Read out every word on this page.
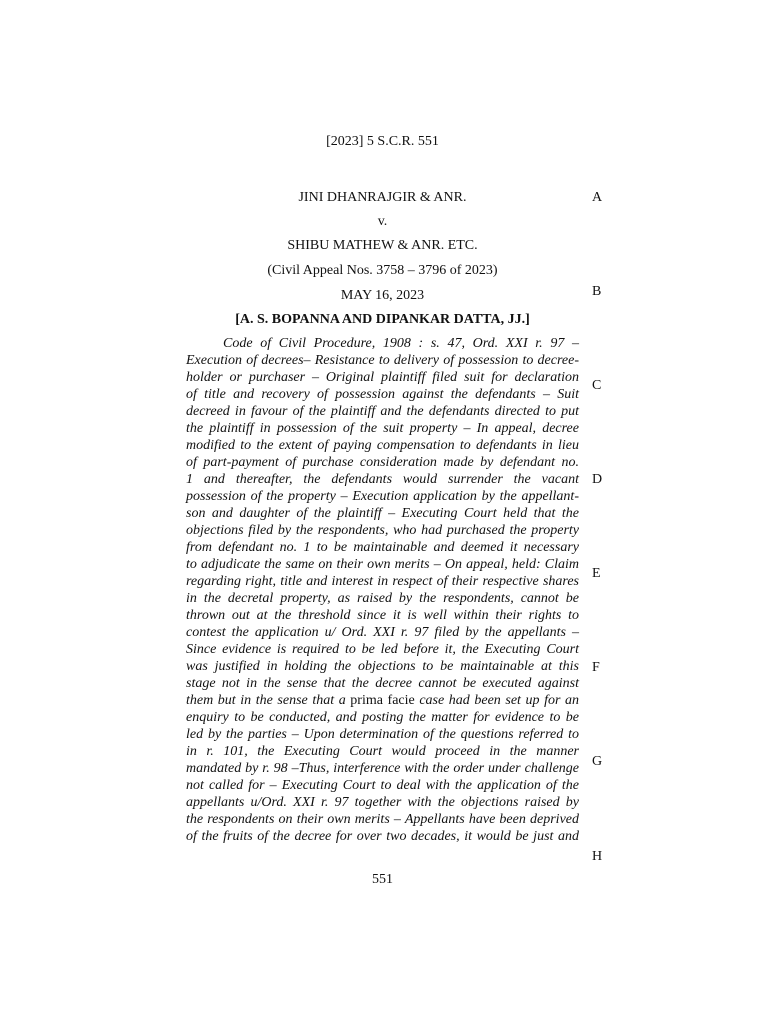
[2023] 5 S.C.R. 551
JINI DHANRAJGIR & ANR.
v.
SHIBU MATHEW & ANR. ETC.
(Civil Appeal Nos. 3758 – 3796 of 2023)
MAY 16, 2023
[A. S. BOPANNA AND DIPANKAR DATTA, JJ.]
A
B
C
D
E
F
G
H
Code of Civil Procedure, 1908 : s. 47, Ord. XXI r. 97 –
Execution of decrees– Resistance to delivery of possession to decree-
holder or purchaser – Original plaintiff filed suit for declaration
of title and recovery of possession against the defendants – Suit
decreed in favour of the plaintiff and the defendants directed to put
the plaintiff in possession of the suit property – In appeal, decree
modified to the extent of paying compensation to defendants in lieu
of part-payment of purchase consideration made by defendant no.
1 and thereafter, the defendants would surrender the vacant
possession of the property – Execution application by the appellant-
son and daughter of the plaintiff – Executing Court held that the
objections filed by the respondents, who had purchased the property
from defendant no. 1 to be maintainable and deemed it necessary
to adjudicate the same on their own merits – On appeal, held: Claim
regarding right, title and interest in respect of their respective shares
in the decretal property, as raised by the respondents, cannot be
thrown out at the threshold since it is well within their rights to
contest the application u/ Ord. XXI r. 97 filed by the appellants –
Since evidence is required to be led before it, the Executing Court
was justified in holding the objections to be maintainable at this
stage not in the sense that the decree cannot be executed against
them but in the sense that a prima facie case had been set up for an
enquiry to be conducted, and posting the matter for evidence to be
led by the parties – Upon determination of the questions referred to
in r. 101, the Executing Court would proceed in the manner
mandated by r. 98 –Thus, interference with the order under challenge
not called for – Executing Court to deal with the application of the
appellants u/Ord. XXI r. 97 together with the objections raised by
the respondents on their own merits – Appellants have been deprived
of the fruits of the decree for over two decades, it would be just and
551
